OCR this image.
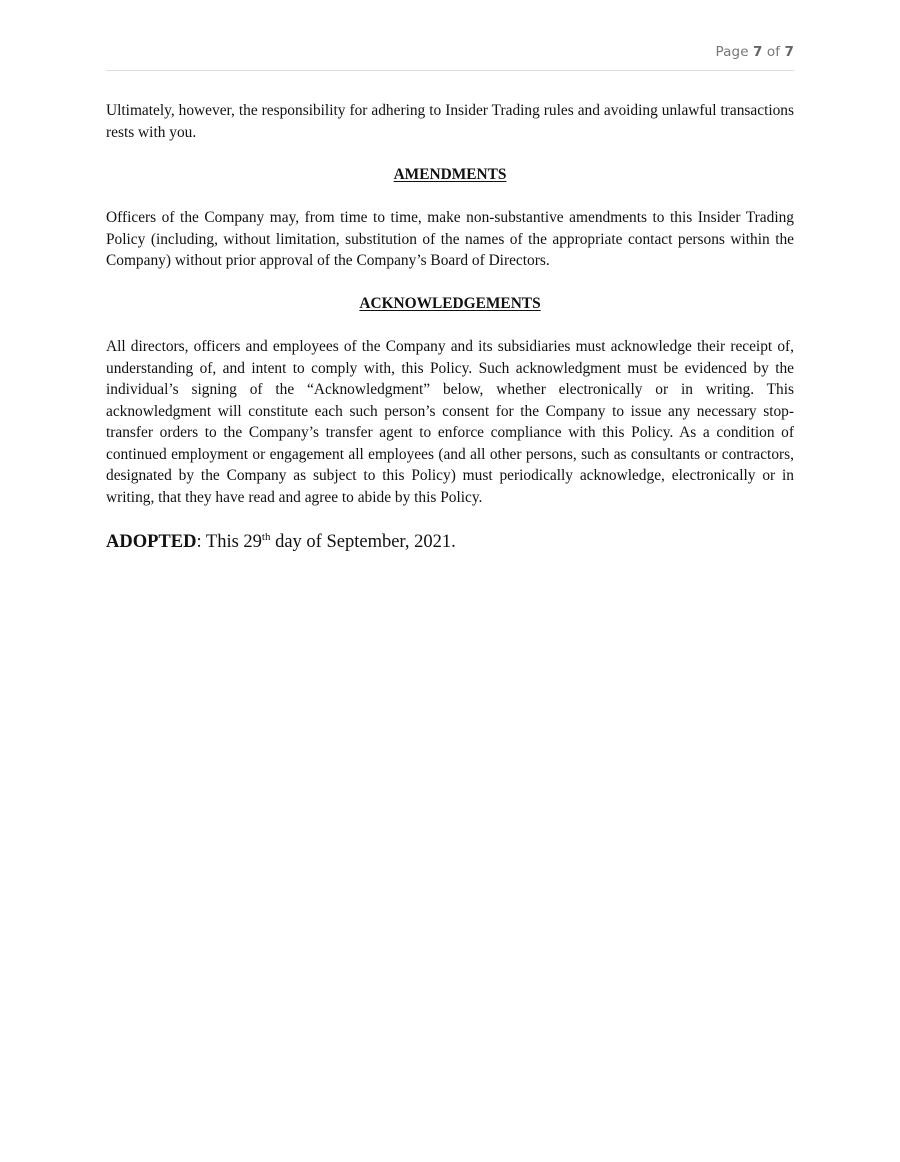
Page 7 of 7

Ultimately, however, the responsibility for adhering to Insider Trading rules and avoiding unlawful transactions rests with you.

AMENDMENTS

Officers of the Company may, from time to time, make non-substantive amendments to this Insider Trading Policy (including, without limitation, substitution of the names of the appropriate contact persons within the Company) without prior approval of the Company’s Board of Directors.

ACKNOWLEDGEMENTS

All directors, officers and employees of the Company and its subsidiaries must acknowledge their receipt of, understanding of, and intent to comply with, this Policy. Such acknowledgment must be evidenced by the individual’s signing of the “Acknowledgment” below, whether electronically or in writing. This acknowledgment will constitute each such person’s consent for the Company to issue any necessary stop-transfer orders to the Company’s transfer agent to enforce compliance with this Policy. As a condition of continued employment or engagement all employees (and all other persons, such as consultants or contractors, designated by the Company as subject to this Policy) must periodically acknowledge, electronically or in writing, that they have read and agree to abide by this Policy.

ADOPTED: This 29th day of September, 2021.
